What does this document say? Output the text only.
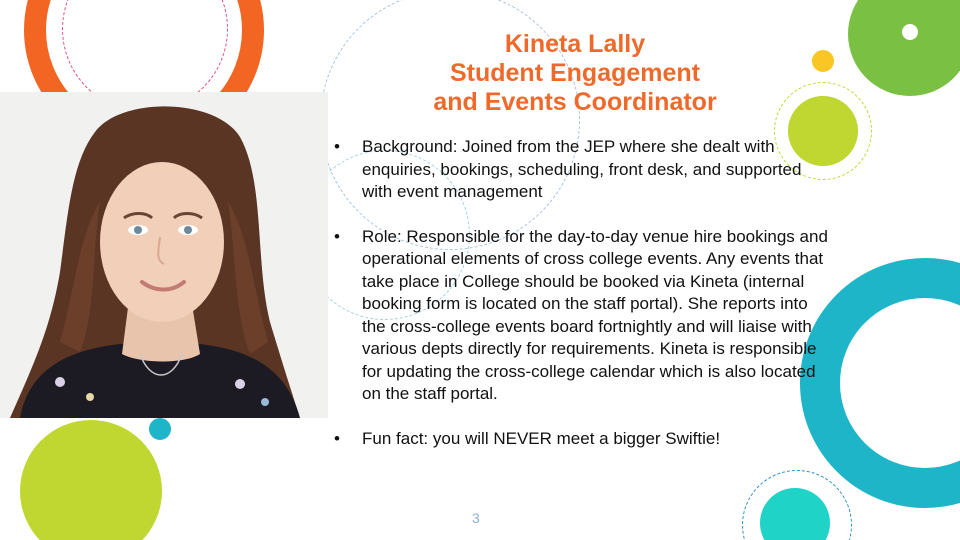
Kineta Lally
Student Engagement
and Events Coordinator
• Background: Joined from the JEP where she dealt with enquiries, bookings, scheduling, front desk, and supported with event management
• Role: Responsible for the day-to-day venue hire bookings and operational elements of cross college events. Any events that take place in College should be booked via Kineta (internal booking form is located on the staff portal). She reports into the cross-college events board fortnightly and will liaise with various depts directly for requirements. Kineta is responsible for updating the cross-college calendar which is also located on the staff portal.
• Fun fact: you will NEVER meet a bigger Swiftie!
3
